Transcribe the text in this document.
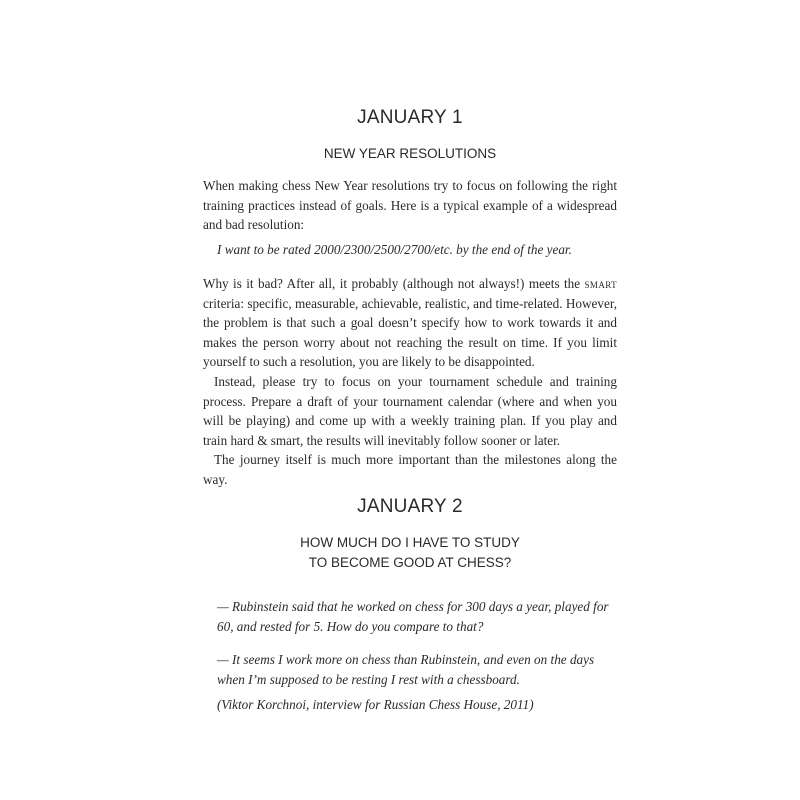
JANUARY 1
NEW YEAR RESOLUTIONS

When making chess New Year resolutions try to focus on following the right training practices instead of goals. Here is a typical example of a widespread and bad resolution:

I want to be rated 2000/2300/2500/2700/etc. by the end of the year.

Why is it bad? After all, it probably (although not always!) meets the smart criteria: specific, measurable, achievable, realistic, and time-related. However, the problem is that such a goal doesn’t specify how to work towards it and makes the person worry about not reaching the result on time. If you limit yourself to such a resolution, you are likely to be disappointed.

Instead, please try to focus on your tournament schedule and training process. Prepare a draft of your tournament calendar (where and when you will be playing) and come up with a weekly training plan. If you play and train hard & smart, the results will inevitably follow sooner or later.

The journey itself is much more important than the milestones along the way.

JANUARY 2
HOW MUCH DO I HAVE TO STUDY
TO BECOME GOOD AT CHESS?

— Rubinstein said that he worked on chess for 300 days a year, played for 60, and rested for 5. How do you compare to that?

— It seems I work more on chess than Rubinstein, and even on the days when I’m supposed to be resting I rest with a chessboard.

(Viktor Korchnoi, interview for Russian Chess House, 2011)
